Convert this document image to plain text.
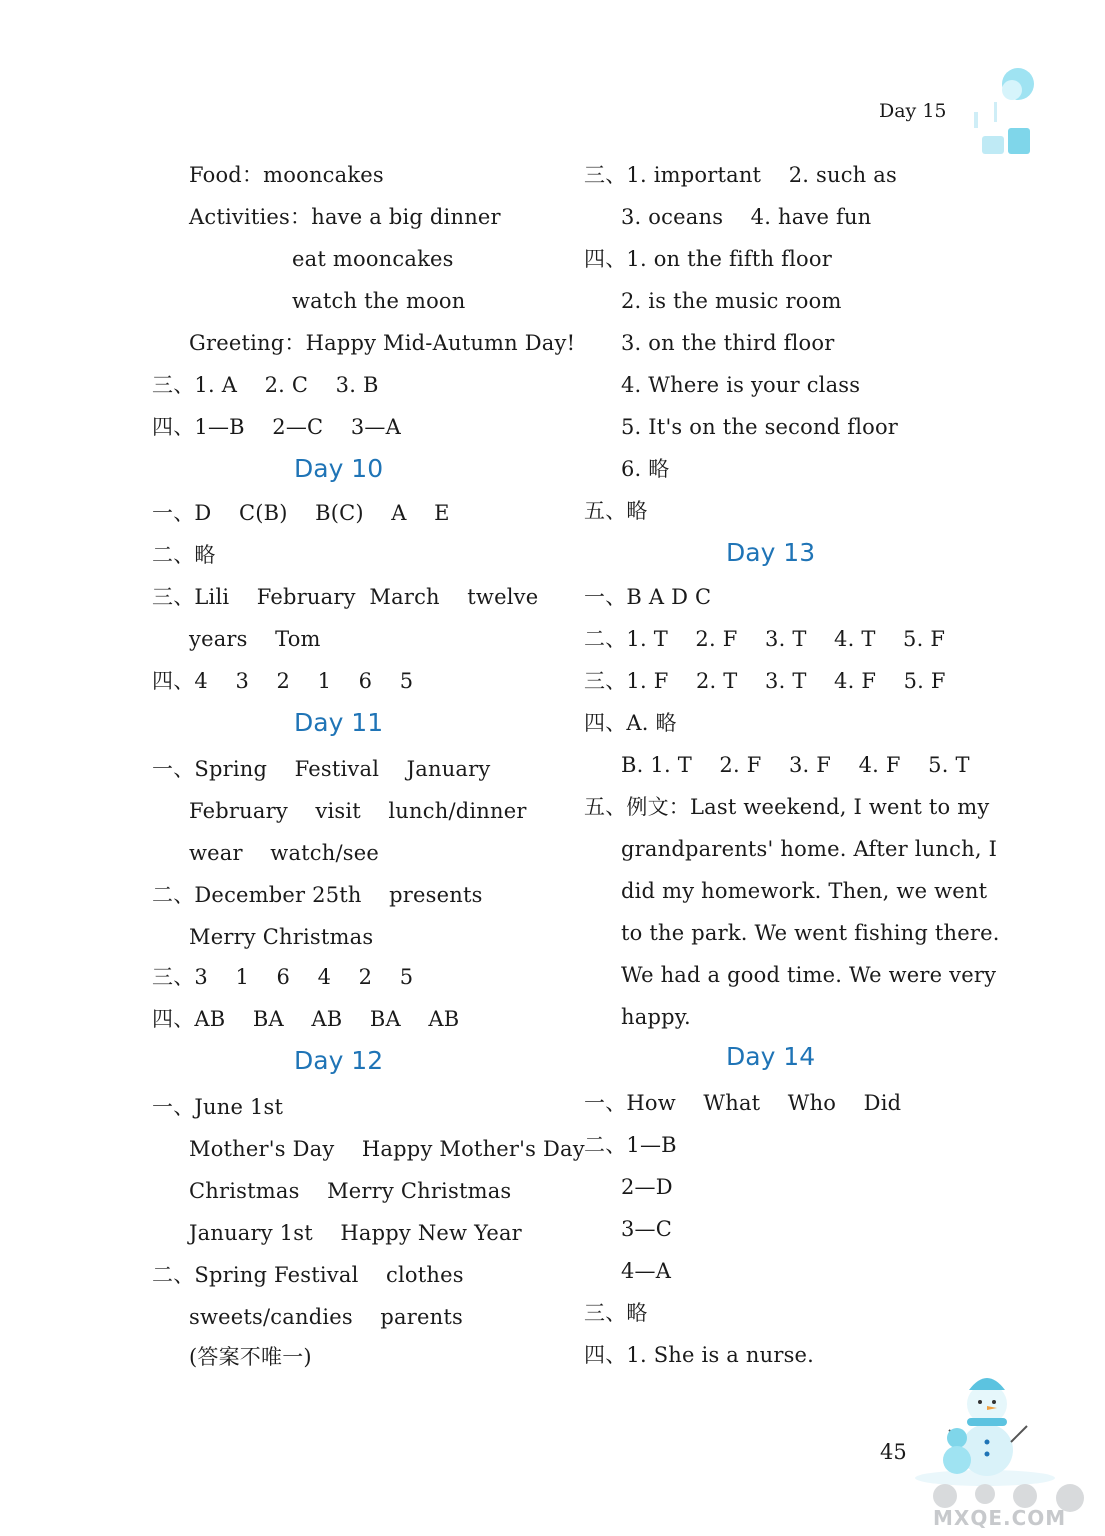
Day 15
Food：mooncakes
Activities：have a big dinner
eat mooncakes
watch the moon
Greeting：Happy Mid-Autumn Day!
三、1. A    2. C    3. B
四、1—B    2—C    3—A
Day 10
一、D    C(B)    B(C)    A    E
二、略
三、Lili    February  March    twelve
years    Tom
四、4    3    2    1    6    5
Day 11
一、Spring    Festival    January
February    visit    lunch/dinner
wear    watch/see
二、December 25th    presents
Merry Christmas
三、3    1    6    4    2    5
四、AB    BA    AB    BA    AB
Day 12
一、June 1st
Mother's Day    Happy Mother's Day
Christmas    Merry Christmas
January 1st    Happy New Year
二、Spring Festival    clothes
sweets/candies    parents
(答案不唯一)
三、1. important    2. such as
3. oceans    4. have fun
四、1. on the fifth floor
2. is the music room
3. on the third floor
4. Where is your class
5. It's on the second floor
6. 略
五、略
Day 13
一、B A D C
二、1. T    2. F    3. T    4. T    5. F
三、1. F    2. T    3. T    4. F    5. F
四、A. 略
B. 1. T    2. F    3. F    4. F    5. T
五、例文：Last weekend, I went to my
grandparents' home. After lunch, I
did my homework. Then, we went
to the park. We went fishing there.
We had a good time. We were very
happy.
Day 14
一、How    What    Who    Did
二、1—B
2—D
3—C
4—A
三、略
四、1. She is a nurse.
45
MXQE.COM
